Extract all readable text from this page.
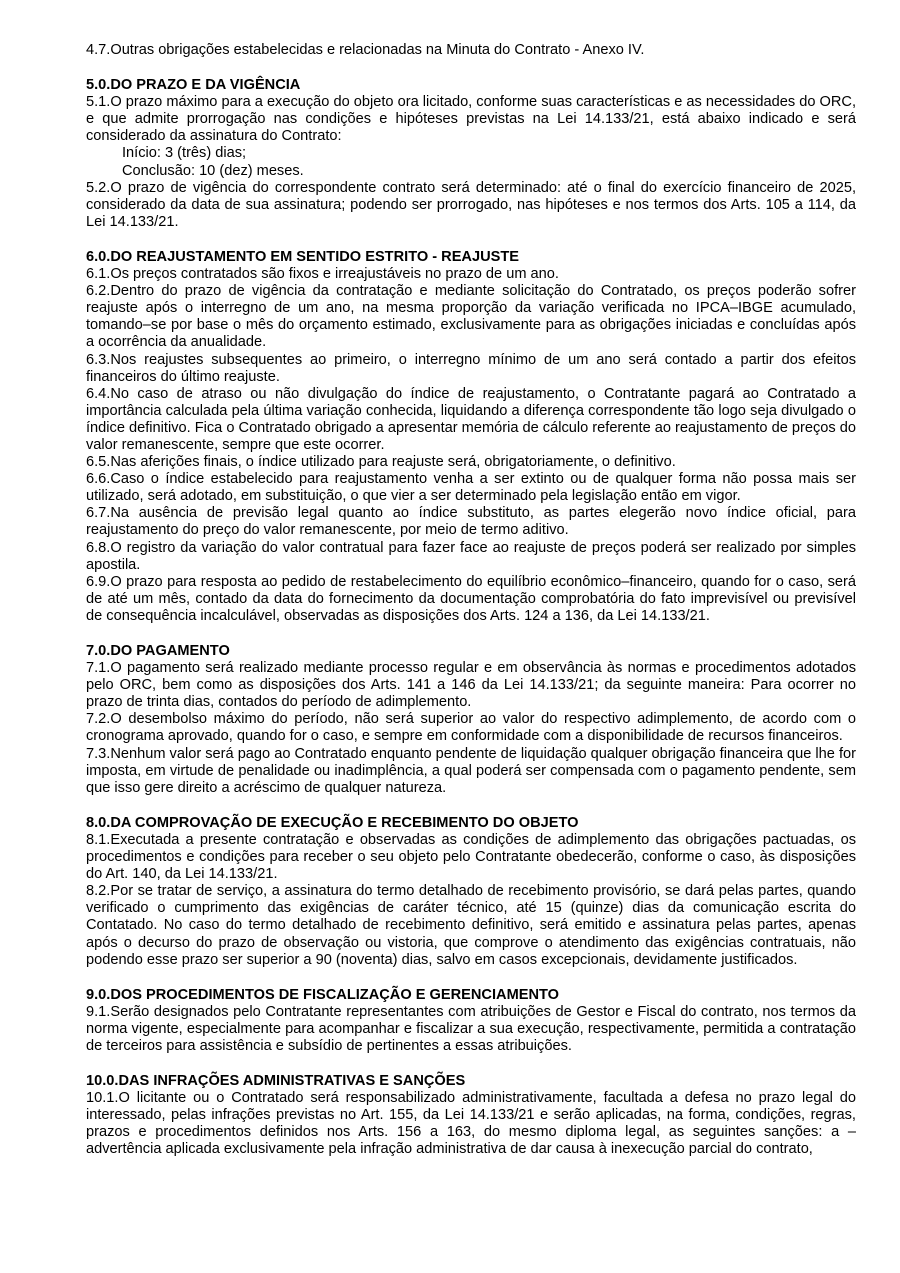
4.7.Outras obrigações estabelecidas e relacionadas na Minuta do Contrato - Anexo IV.

5.0.DO PRAZO E DA VIGÊNCIA

5.1.O prazo máximo para a execução do objeto ora licitado, conforme suas características e as necessidades do ORC, e que admite prorrogação nas condições e hipóteses previstas na Lei 14.133/21, está abaixo indicado e será considerado da assinatura do Contrato:

Início: 3 (três) dias;

Conclusão: 10 (dez) meses.

5.2.O prazo de vigência do correspondente contrato será determinado: até o final do exercício financeiro de 2025, considerado da data de sua assinatura; podendo ser prorrogado, nas hipóteses e nos termos dos Arts. 105 a 114, da Lei 14.133/21.

6.0.DO REAJUSTAMENTO EM SENTIDO ESTRITO - REAJUSTE

6.1.Os preços contratados são fixos e irreajustáveis no prazo de um ano.

6.2.Dentro do prazo de vigência da contratação e mediante solicitação do Contratado, os preços poderão sofrer reajuste após o interregno de um ano, na mesma proporção da variação verificada no IPCA–IBGE acumulado, tomando–se por base o mês do orçamento estimado, exclusivamente para as obrigações iniciadas e concluídas após a ocorrência da anualidade.

6.3.Nos reajustes subsequentes ao primeiro, o interregno mínimo de um ano será contado a partir dos efeitos financeiros do último reajuste.

6.4.No caso de atraso ou não divulgação do índice de reajustamento, o Contratante pagará ao Contratado a importância calculada pela última variação conhecida, liquidando a diferença correspondente tão logo seja divulgado o índice definitivo. Fica o Contratado obrigado a apresentar memória de cálculo referente ao reajustamento de preços do valor remanescente, sempre que este ocorrer.

6.5.Nas aferições finais, o índice utilizado para reajuste será, obrigatoriamente, o definitivo.

6.6.Caso o índice estabelecido para reajustamento venha a ser extinto ou de qualquer forma não possa mais ser utilizado, será adotado, em substituição, o que vier a ser determinado pela legislação então em vigor.

6.7.Na ausência de previsão legal quanto ao índice substituto, as partes elegerão novo índice oficial, para reajustamento do preço do valor remanescente, por meio de termo aditivo.

6.8.O registro da variação do valor contratual para fazer face ao reajuste de preços poderá ser realizado por simples apostila.

6.9.O prazo para resposta ao pedido de restabelecimento do equilíbrio econômico–financeiro, quando for o caso, será de até um mês, contado da data do fornecimento da documentação comprobatória do fato imprevisível ou previsível de consequência incalculável, observadas as disposições dos Arts. 124 a 136, da Lei 14.133/21.

7.0.DO PAGAMENTO

7.1.O pagamento será realizado mediante processo regular e em observância às normas e procedimentos adotados pelo ORC, bem como as disposições dos Arts. 141 a 146 da Lei 14.133/21; da seguinte maneira: Para ocorrer no prazo de trinta dias, contados do período de adimplemento.

7.2.O desembolso máximo do período, não será superior ao valor do respectivo adimplemento, de acordo com o cronograma aprovado, quando for o caso, e sempre em conformidade com a disponibilidade de recursos financeiros.

7.3.Nenhum valor será pago ao Contratado enquanto pendente de liquidação qualquer obrigação financeira que lhe for imposta, em virtude de penalidade ou inadimplência, a qual poderá ser compensada com o pagamento pendente, sem que isso gere direito a acréscimo de qualquer natureza.

8.0.DA COMPROVAÇÃO DE EXECUÇÃO E RECEBIMENTO DO OBJETO

8.1.Executada a presente contratação e observadas as condições de adimplemento das obrigações pactuadas, os procedimentos e condições para receber o seu objeto pelo Contratante obedecerão, conforme o caso, às disposições do Art. 140, da Lei 14.133/21.

8.2.Por se tratar de serviço, a assinatura do termo detalhado de recebimento provisório, se dará pelas partes, quando verificado o cumprimento das exigências de caráter técnico, até 15 (quinze) dias da comunicação escrita do Contatado. No caso do termo detalhado de recebimento definitivo, será emitido e assinatura pelas partes, apenas após o decurso do prazo de observação ou vistoria, que comprove o atendimento das exigências contratuais, não podendo esse prazo ser superior a 90 (noventa) dias, salvo em casos excepcionais, devidamente justificados.

9.0.DOS PROCEDIMENTOS DE FISCALIZAÇÃO E GERENCIAMENTO

9.1.Serão designados pelo Contratante representantes com atribuições de Gestor e Fiscal do contrato, nos termos da norma vigente, especialmente para acompanhar e fiscalizar a sua execução, respectivamente, permitida a contratação de terceiros para assistência e subsídio de pertinentes a essas atribuições.

10.0.DAS INFRAÇÕES ADMINISTRATIVAS E SANÇÕES

10.1.O licitante ou o Contratado será responsabilizado administrativamente, facultada a defesa no prazo legal do interessado, pelas infrações previstas no Art. 155, da Lei 14.133/21 e serão aplicadas, na forma, condições, regras, prazos e procedimentos definidos nos Arts. 156 a 163, do mesmo diploma legal, as seguintes sanções: a – advertência aplicada exclusivamente pela infração administrativa de dar causa à inexecução parcial do contrato,
